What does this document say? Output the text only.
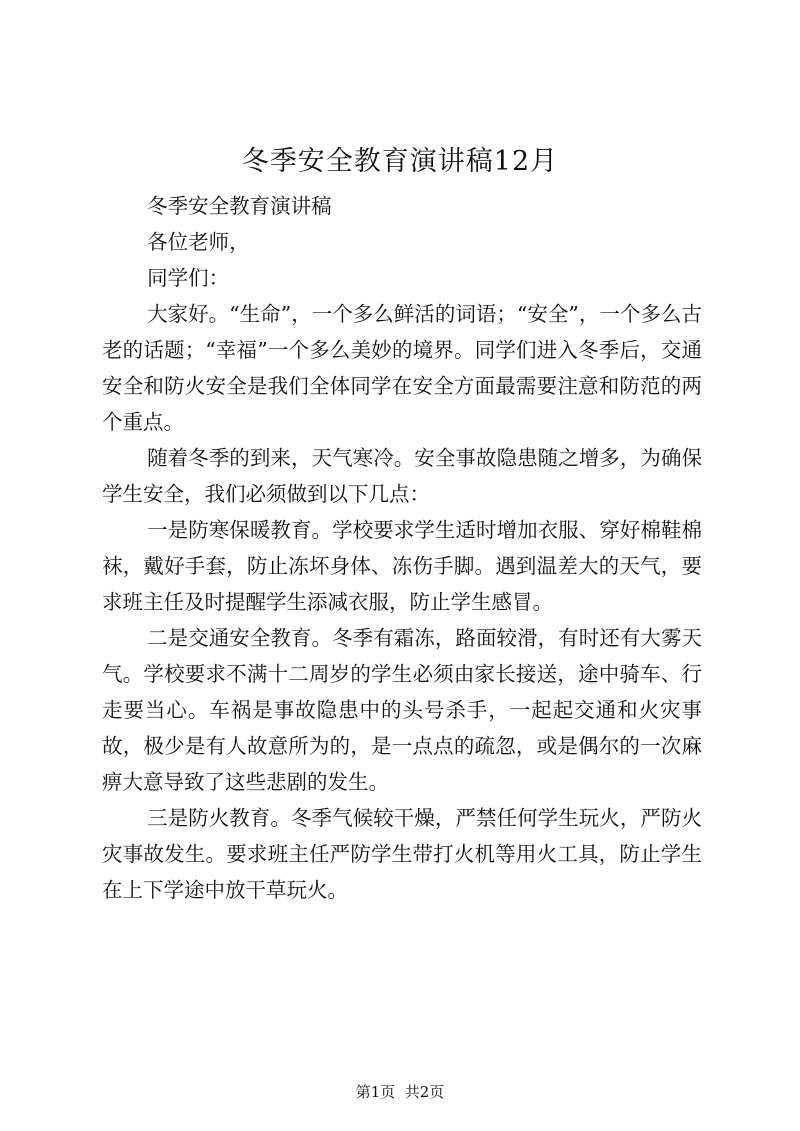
冬季安全教育演讲稿12月

冬季安全教育演讲稿

各位老师，

同学们：

大家好。“生命”，一个多么鲜活的词语；“安全”，一个多么古老的话题；“幸福”一个多么美妙的境界。同学们进入冬季后，交通安全和防火安全是我们全体同学在安全方面最需要注意和防范的两个重点。

随着冬季的到来，天气寒冷。安全事故隐患随之增多，为确保学生安全，我们必须做到以下几点：

一是防寒保暖教育。学校要求学生适时增加衣服、穿好棉鞋棉袜，戴好手套，防止冻坏身体、冻伤手脚。遇到温差大的天气，要求班主任及时提醒学生添减衣服，防止学生感冒。

二是交通安全教育。冬季有霜冻，路面较滑，有时还有大雾天气。学校要求不满十二周岁的学生必须由家长接送，途中骑车、行走要当心。车祸是事故隐患中的头号杀手，一起起交通和火灾事故，极少是有人故意所为的，是一点点的疏忽，或是偶尔的一次麻痹大意导致了这些悲剧的发生。

三是防火教育。冬季气候较干燥，严禁任何学生玩火，严防火灾事故发生。要求班主任严防学生带打火机等用火工具，防止学生在上下学途中放干草玩火。

第1页  共2页
